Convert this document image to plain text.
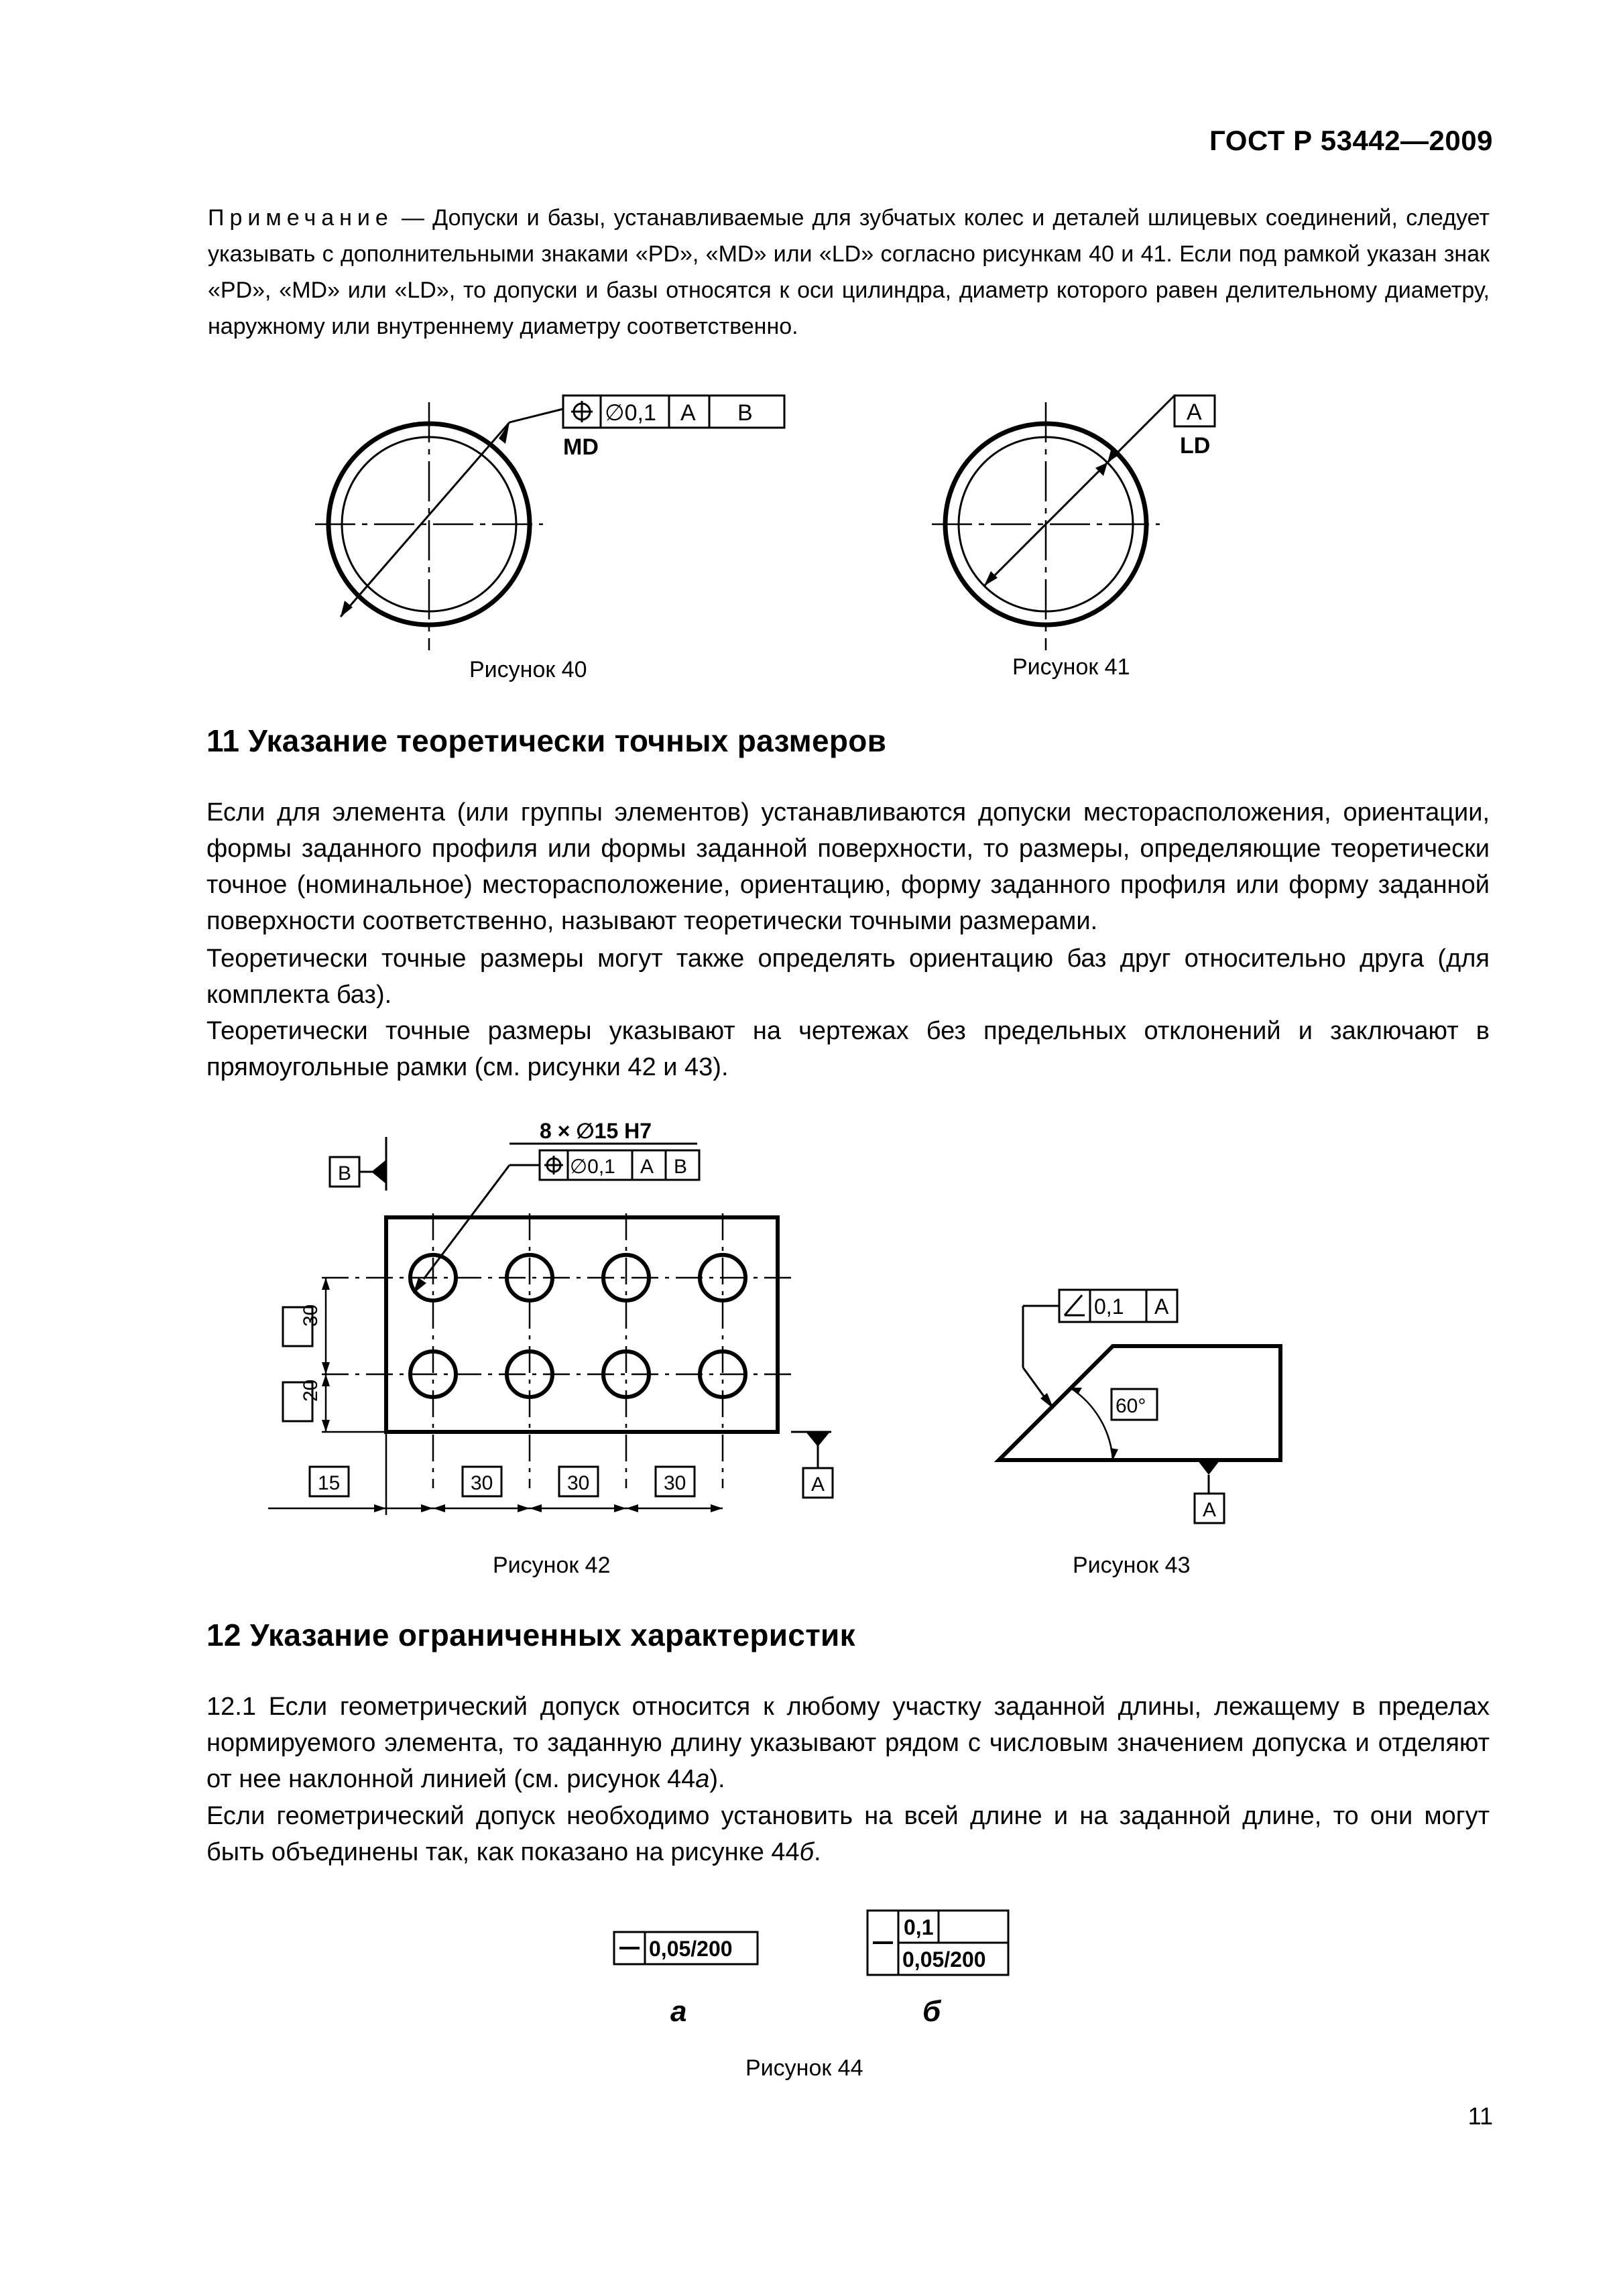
ГОСТ Р 53442—2009
Примечание — Допуски и базы, устанавливаемые для зубчатых колес и деталей шлицевых соединений, следует указывать с дополнительными знаками «PD», «MD» или «LD» согласно рисункам 40 и 41. Если под рамкой указан знак «PD», «MD» или «LD», то допуски и базы относятся к оси цилиндра, диаметр которого равен делительному диаметру, наружному или внутреннему диаметру соответственно.
∅0,1 A B
MD
Рисунок 40
A
LD
Рисунок 41
11 Указание теоретически точных размеров
Если для элемента (или группы элементов) устанавливаются допуски месторасположения, ориентации, формы заданного профиля или формы заданной поверхности, то размеры, определяющие теоретически точное (номинальное) месторасположение, ориентацию, форму заданного профиля или форму заданной поверхности соответственно, называют теоретически точными размерами.
Теоретически точные размеры могут также определять ориентацию баз друг относительно друга (для комплекта баз).
Теоретически точные размеры указывают на чертежах без предельных отклонений и заключают в прямоугольные рамки (см. рисунки 42 и 43).
8 × ∅15 H7
∅0,1 A B
B
30
20
15	30	30	30	A
Рисунок 42
0,1 A
60°
A
Рисунок 43
12 Указание ограниченных характеристик
12.1 Если геометрический допуск относится к любому участку заданной длины, лежащему в пределах нормируемого элемента, то заданную длину указывают рядом с числовым значением допуска и отделяют от нее наклонной линией (см. рисунок 44а).
Если геометрический допуск необходимо установить на всей длине и на заданной длине, то они могут быть объединены так, как показано на рисунке 44б.
0,05/200
0,1
0,05/200
а	б
Рисунок 44
11
